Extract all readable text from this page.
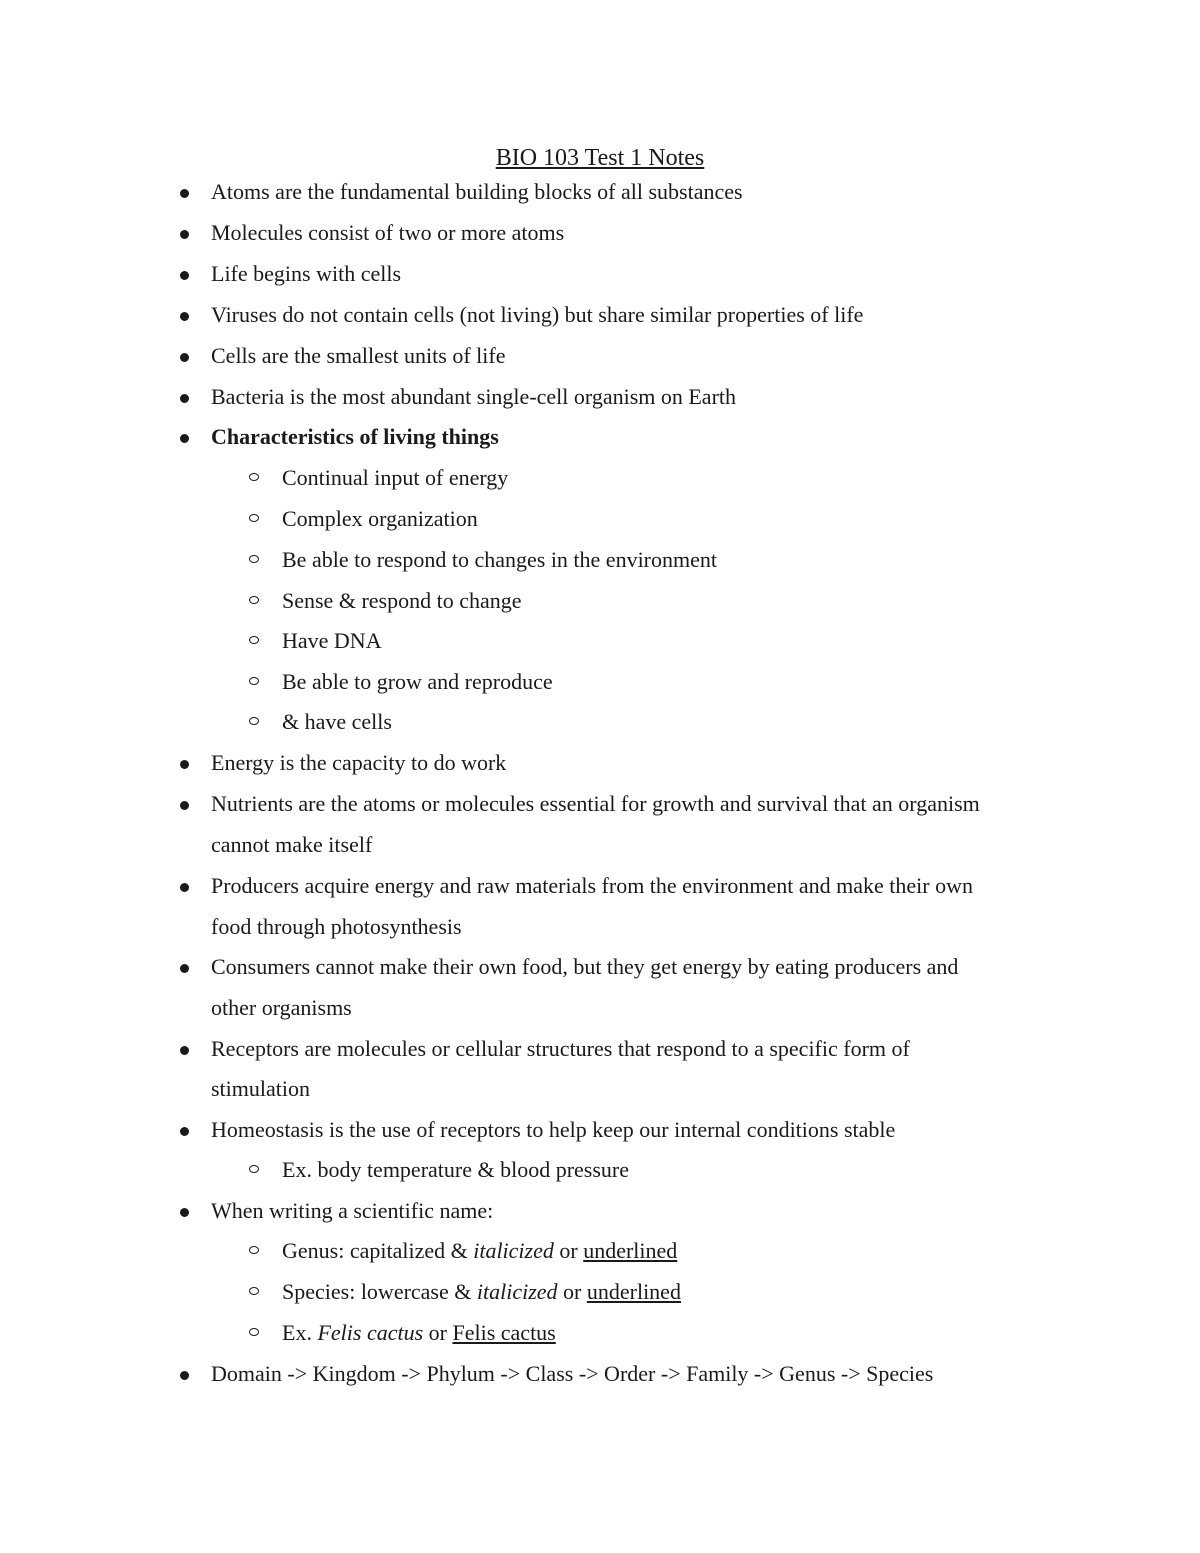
BIO 103 Test 1 Notes
Atoms are the fundamental building blocks of all substances
Molecules consist of two or more atoms
Life begins with cells
Viruses do not contain cells (not living) but share similar properties of life
Cells are the smallest units of life
Bacteria is the most abundant single-cell organism on Earth
Characteristics of living things
Continual input of energy
Complex organization
Be able to respond to changes in the environment
Sense & respond to change
Have DNA
Be able to grow and reproduce
& have cells
Energy is the capacity to do work
Nutrients are the atoms or molecules essential for growth and survival that an organism
cannot make itself
Producers acquire energy and raw materials from the environment and make their own
food through photosynthesis
Consumers cannot make their own food, but they get energy by eating producers and
other organisms
Receptors are molecules or cellular structures that respond to a specific form of
stimulation
Homeostasis is the use of receptors to help keep our internal conditions stable
Ex. body temperature & blood pressure
When writing a scientific name:
Genus: capitalized & italicized or underlined
Species: lowercase & italicized or underlined
Ex. Felis cactus or Felis cactus
Domain -> Kingdom -> Phylum -> Class -> Order -> Family -> Genus -> Species
